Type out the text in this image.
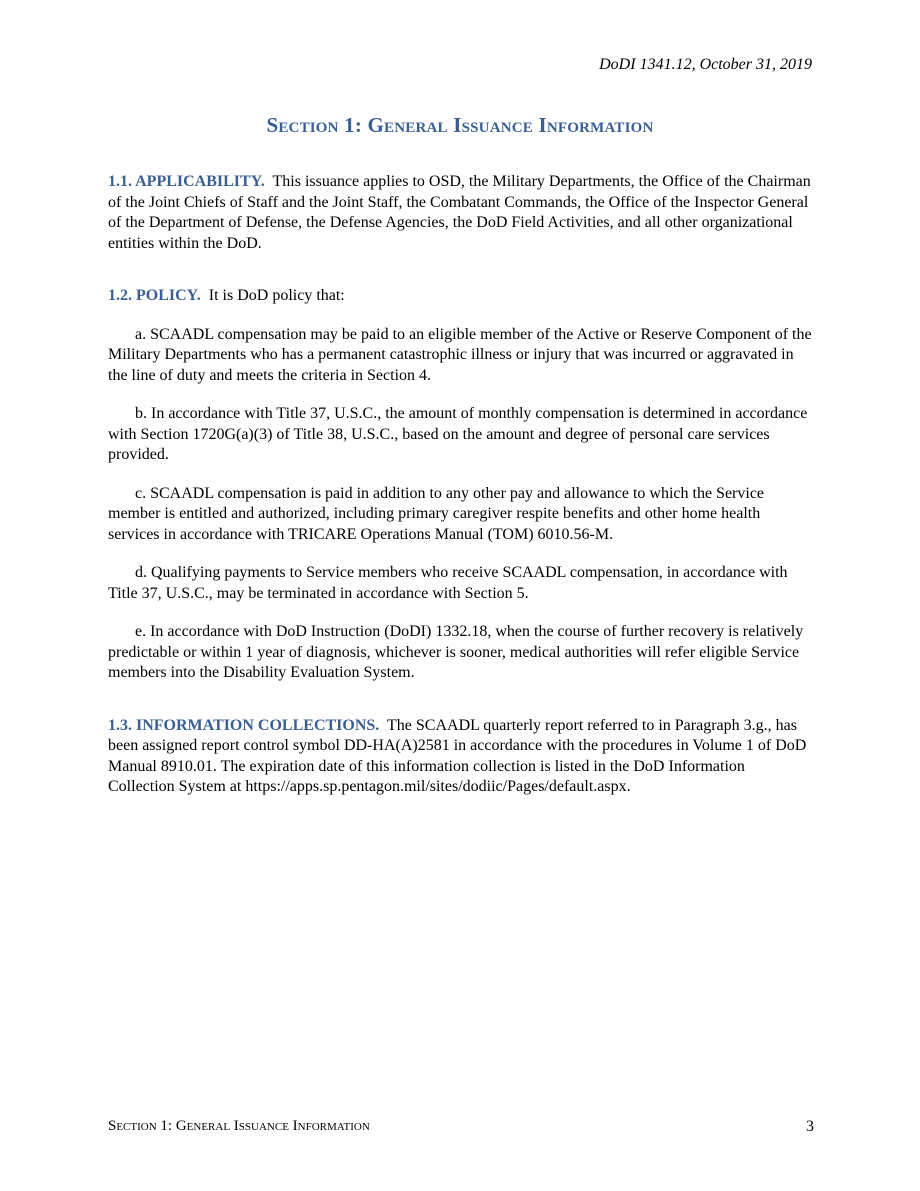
DoDI 1341.12, October 31, 2019
Section 1: General Issuance Information

1.1. APPLICABILITY. This issuance applies to OSD, the Military Departments, the Office of the Chairman of the Joint Chiefs of Staff and the Joint Staff, the Combatant Commands, the Office of the Inspector General of the Department of Defense, the Defense Agencies, the DoD Field Activities, and all other organizational entities within the DoD.

1.2. POLICY. It is DoD policy that:

a. SCAADL compensation may be paid to an eligible member of the Active or Reserve Component of the Military Departments who has a permanent catastrophic illness or injury that was incurred or aggravated in the line of duty and meets the criteria in Section 4.

b. In accordance with Title 37, U.S.C., the amount of monthly compensation is determined in accordance with Section 1720G(a)(3) of Title 38, U.S.C., based on the amount and degree of personal care services provided.

c. SCAADL compensation is paid in addition to any other pay and allowance to which the Service member is entitled and authorized, including primary caregiver respite benefits and other home health services in accordance with TRICARE Operations Manual (TOM) 6010.56-M.

d. Qualifying payments to Service members who receive SCAADL compensation, in accordance with Title 37, U.S.C., may be terminated in accordance with Section 5.

e. In accordance with DoD Instruction (DoDI) 1332.18, when the course of further recovery is relatively predictable or within 1 year of diagnosis, whichever is sooner, medical authorities will refer eligible Service members into the Disability Evaluation System.

1.3. INFORMATION COLLECTIONS. The SCAADL quarterly report referred to in Paragraph 3.g., has been assigned report control symbol DD-HA(A)2581 in accordance with the procedures in Volume 1 of DoD Manual 8910.01. The expiration date of this information collection is listed in the DoD Information Collection System at https://apps.sp.pentagon.mil/sites/dodiic/Pages/default.aspx.

Section 1: General Issuance Information	3
